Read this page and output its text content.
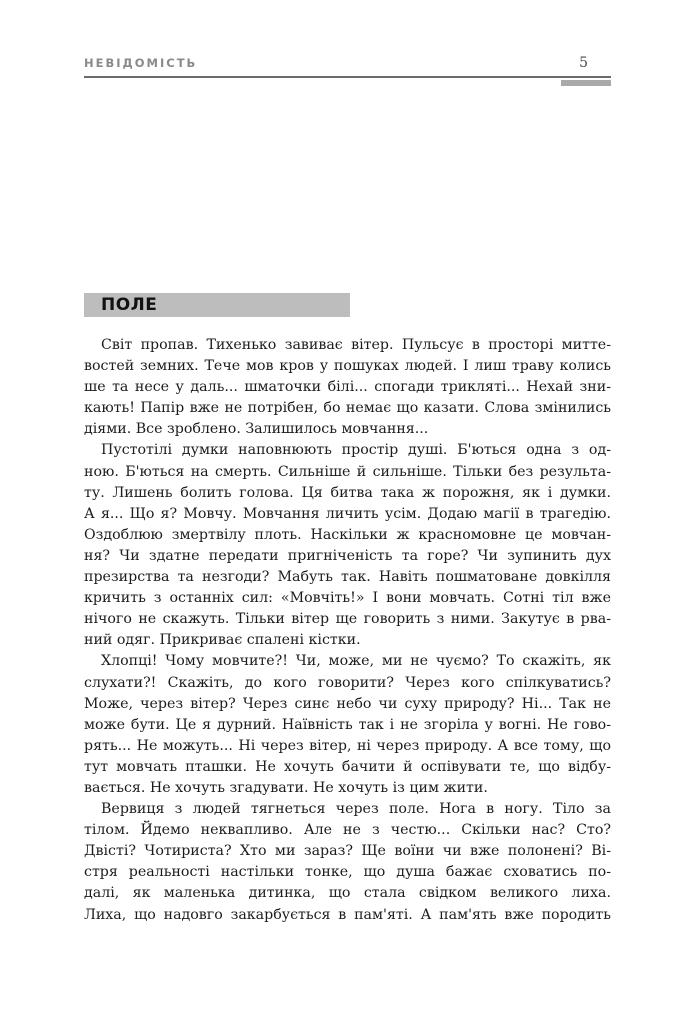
НЕВІДОМІСТЬ	5
ПОЛЕ

Світ пропав. Тихенько завиває вітер. Пульсує в просторі митте-
востей земних. Тече мов кров у пошуках людей. І лиш траву колись
ше та несе у даль... шматочки білі... спогади триклятi... Нехай зни-
кають! Папір вже не потрібен, бо немає що казати. Слова змінились
діями. Все зроблено. Залишилось мовчання...

Пустотілі думки наповнюють простір душі. Б'ються одна з од-
ною. Б'ються на смерть. Сильніше й сильніше. Тільки без результа-
ту. Лишень болить голова. Ця битва така ж порожня, як і думки.
А я... Що я? Мовчу. Мовчання личить усім. Додаю магії в трагедію.
Оздоблюю змертвілу плоть. Наскільки ж красномовне це мовчан-
ня? Чи здатне передати пригніченість та горе? Чи зупинить дух
презирства та незгоди? Мабуть так. Навіть пошматоване довкілля
кричить з останніх сил: «Мовчіть!» І вони мовчать. Сотні тіл вже
нічого не скажуть. Тільки вітер ще говорить з ними. Закутує в рва-
ний одяг. Прикриває спалені кістки.

Хлопці! Чому мовчите?! Чи, може, ми не чуємо? То скажіть, як
слухати?! Скажіть, до кого говорити? Через кого спілкуватись?
Може, через вітер? Через синє небо чи суху природу? Ні... Так не
може бути. Це я дурний. Наївність так і не згоріла у вогні. Не гово-
рять... Не можуть... Ні через вітер, ні через природу. А все тому, що
тут мовчать пташки. Не хочуть бачити й оспівувати те, що відбу-
вається. Не хочуть згадувати. Не хочуть із цим жити.

Вервиця з людей тягнеться через поле. Нога в ногу. Тіло за
тілом. Йдемо неквапливо. Але не з честю... Скільки нас? Сто?
Двісті? Чотириста? Хто ми зараз? Ще воїни чи вже полонені? Ві-
стря реальності настільки тонке, що душа бажає сховатись по-
далі, як маленька дитинка, що стала свідком великого лиха.
Лиха, що надовго закарбується в пам'яті. А пам'ять вже породить
